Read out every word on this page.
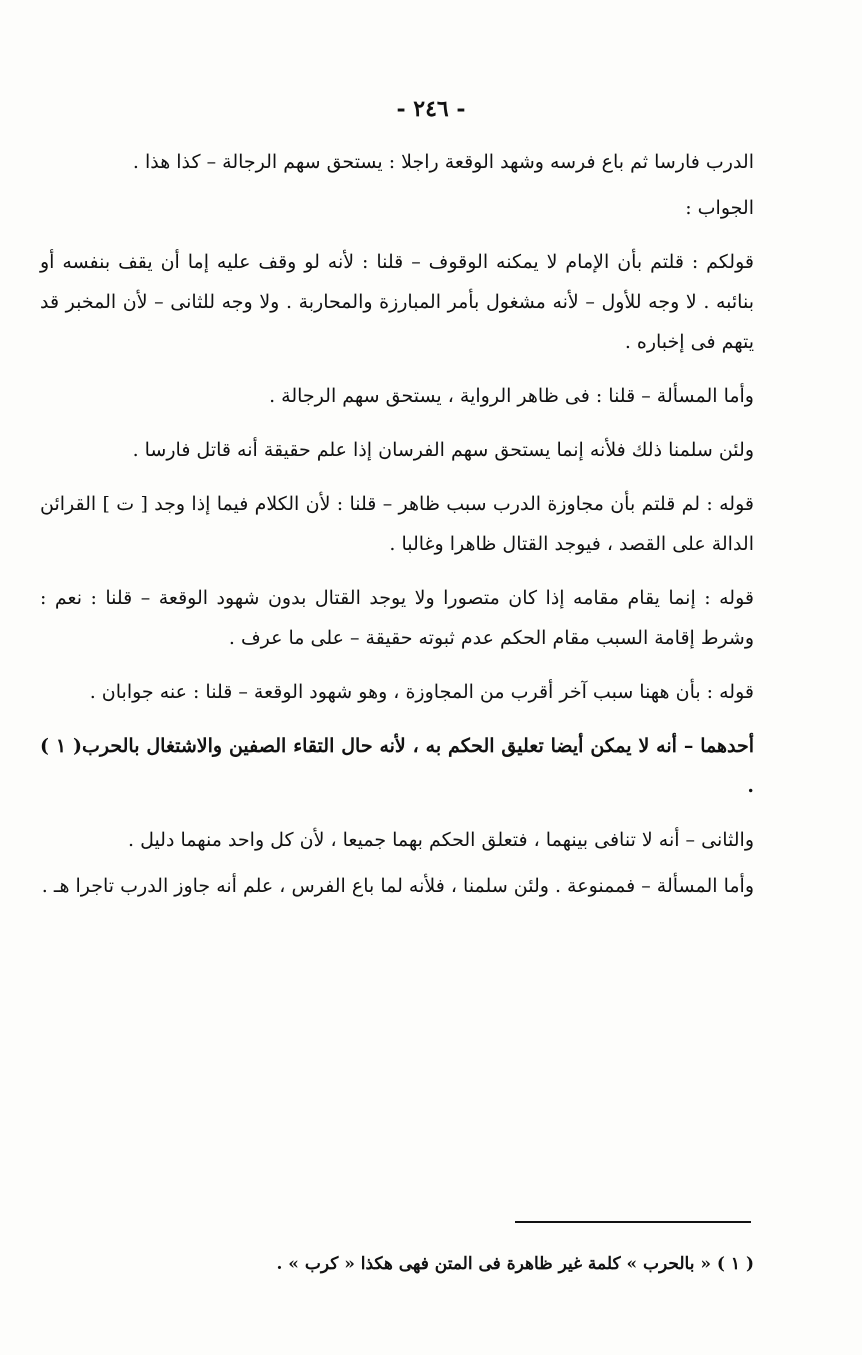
- ٢٤٦ -

الدرب فارسا ثم باع فرسه وشهد الوقعة راجلا : يستحق سهم الرجالة – كذا هذا .

الجواب :

قولكم : قلتم بأن الإمام لا يمكنه الوقوف – قلنا : لأنه لو وقف عليه إما أن يقف بنفسه أو بنائبه . لا وجه للأول – لأنه مشغول بأمر المبارزة والمحاربة . ولا وجه للثانى – لأن المخبر قد يتهم فى إخباره .

وأما المسألة – قلنا : فى ظاهر الرواية ، يستحق سهم الرجالة .

ولئن سلمنا ذلك فلأنه إنما يستحق سهم الفرسان إذا علم حقيقة أنه قاتل فارسا .

قوله : لم قلتم بأن مجاوزة الدرب سبب ظاهر – قلنا : لأن الكلام فيما إذا وجد [ ت ] القرائن الدالة على القصد ، فيوجد القتال ظاهرا وغالبا .

قوله : إنما يقام مقامه إذا كان متصورا ولا يوجد القتال بدون شهود الوقعة – قلنا : نعم : وشرط إقامة السبب مقام الحكم عدم ثبوته حقيقة – على ما عرف .

قوله : بأن ههنا سبب آخر أقرب من المجاوزة ، وهو شهود الوقعة – قلنا : عنه جوابان .

أحدهما – أنه لا يمكن أيضا تعليق الحكم به ، لأنه حال التقاء الصفين والاشتغال بالحرب( ١ ) .

والثانى – أنه لا تنافى بينهما ، فتعلق الحكم بهما جميعا ، لأن كل واحد منهما دليل .

وأما المسألة – فممنوعة . ولئن سلمنا ، فلأنه لما باع الفرس ، علم أنه جاوز الدرب تاجرا هـ .

( ١ ) « بالحرب » كلمة غير ظاهرة فى المتن فهى هكذا « كرب » .
